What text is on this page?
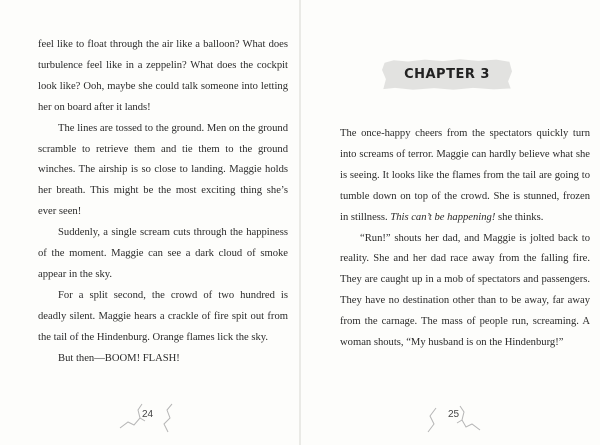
feel like to float through the air like a balloon? What does turbulence feel like in a zeppelin? What does the cockpit look like? Ooh, maybe she could talk someone into letting her on board after it lands!

The lines are tossed to the ground. Men on the ground scramble to retrieve them and tie them to the ground winches. The airship is so close to landing. Maggie holds her breath. This might be the most exciting thing she’s ever seen!

Suddenly, a single scream cuts through the happiness of the moment. Maggie can see a dark cloud of smoke appear in the sky.

For a split second, the crowd of two hundred is deadly silent. Maggie hears a crackle of fire spit out from the tail of the Hindenburg. Orange flames lick the sky.

But then—BOOM! FLASH!

24
CHAPTER 3

The once-happy cheers from the spectators quickly turn into screams of terror. Maggie can hardly believe what she is seeing. It looks like the flames from the tail are going to tumble down on top of the crowd. She is stunned, frozen in stillness. This can’t be happening! she thinks.

“Run!” shouts her dad, and Maggie is jolted back to reality. She and her dad race away from the falling fire. They are caught up in a mob of spectators and passengers. They have no destination other than to be away, far away from the carnage. The mass of people run, screaming. A woman shouts, “My husband is on the Hindenburg!”

25
